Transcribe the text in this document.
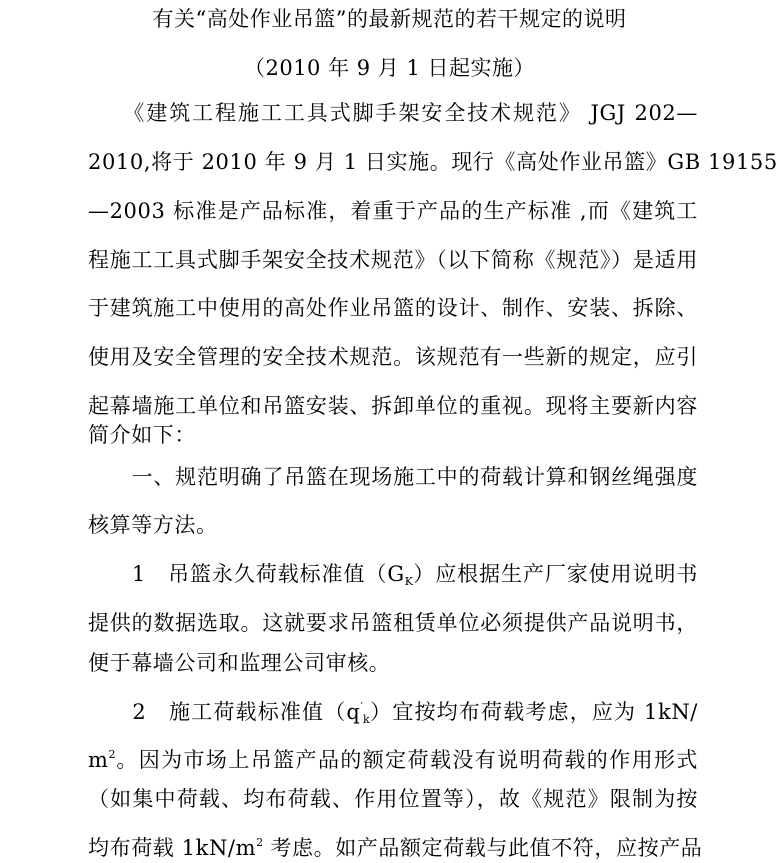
有关“高处作业吊篮”的最新规范的若干规定的说明
（2010 年 9 月 1 日起实施）
　　《建筑工程施工工具式脚手架安全技术规范》 JGJ 202—
2010,将于 2010 年 9 月 1 日实施。现行《高处作业吊篮》GB 19155
—2003 标准是产品标准，着重于产品的生产标准 ,而《建筑工
程施工工具式脚手架安全技术规范》（以下简称《规范》）是适用
于建筑施工中使用的高处作业吊篮的设计、制作、安装、拆除、
使用及安全管理的安全技术规范。该规范有一些新的规定，应引
起幕墙施工单位和吊篮安装、拆卸单位的重视。现将主要新内容
简介如下：
　　一、规范明确了吊篮在现场施工中的荷载计算和钢丝绳强度
核算等方法。
　　1　吊篮永久荷载标准值$(G_K)$应根据生产厂家使用说明书
提供的数据选取。这就要求吊篮租赁单位必须提供产品说明书，
便于幕墙公司和监理公司审核。
　　2　施工荷载标准值$(q'_k)$宜按均布荷载考虑，应为 1kN/
$m^2$。因为市场上吊篮产品的额定荷载没有说明荷载的作用形式
（如集中荷载、均布荷载、作用位置等），故《规范》限制为按
均布荷载 $1kN/m^2$ 考虑。如产品额定荷载与此值不符，应按产品
